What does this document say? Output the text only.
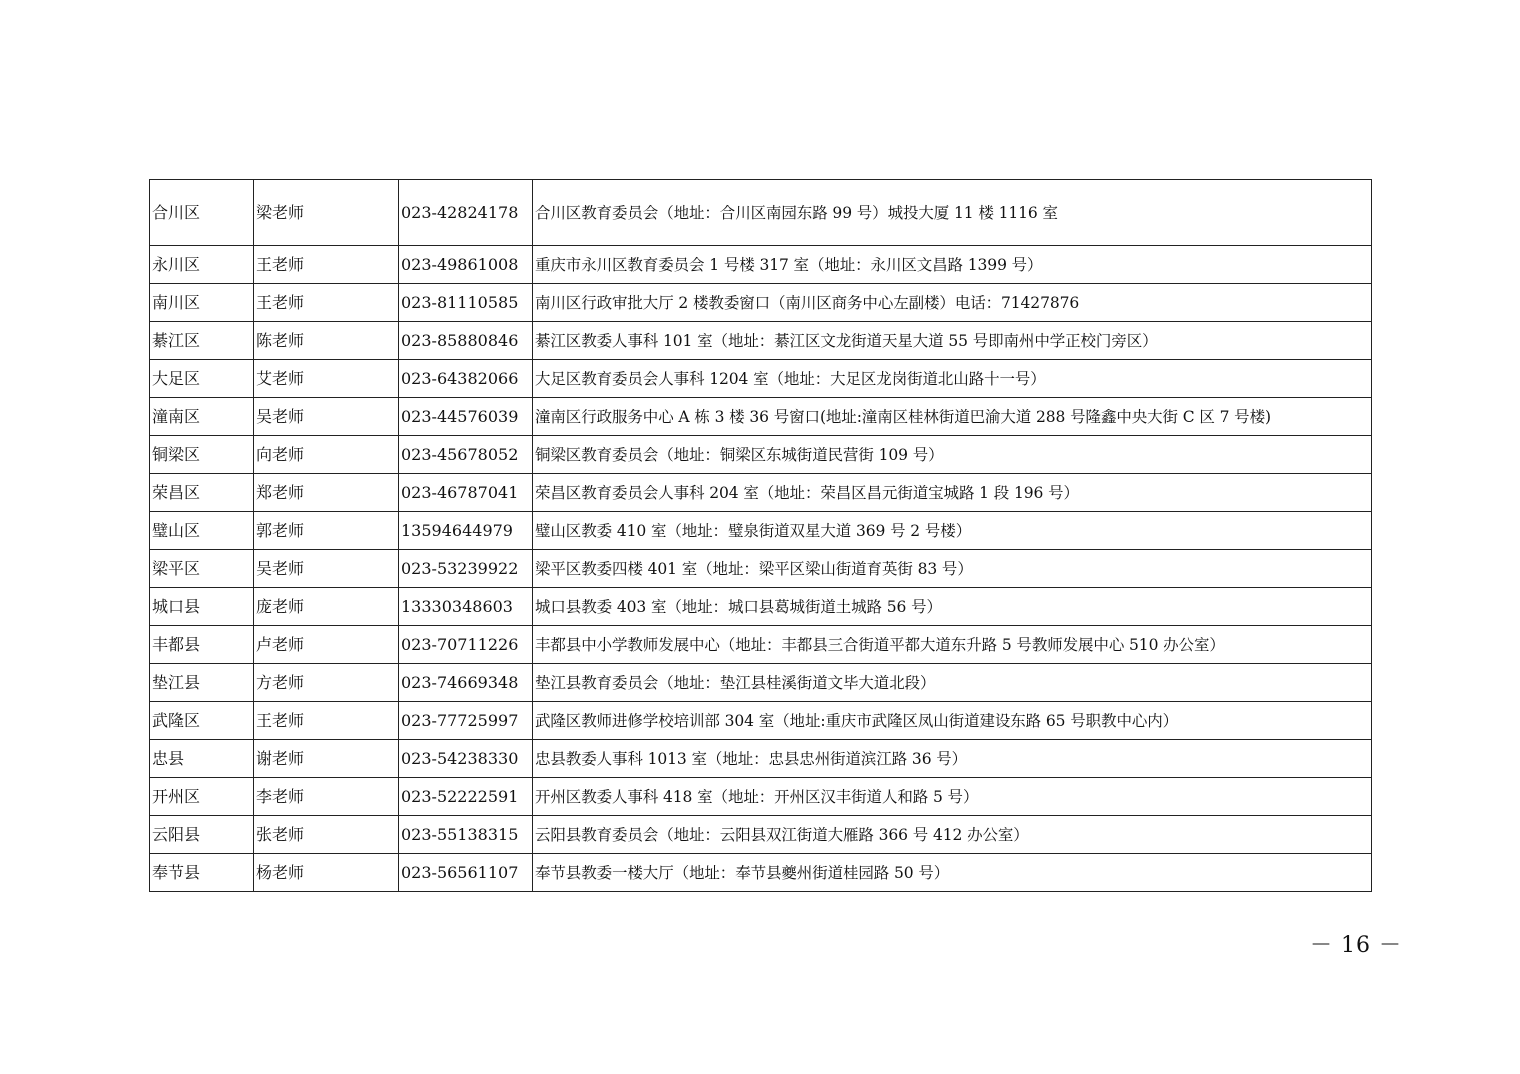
合川区	梁老师	023-42824178	合川区教育委员会（地址：合川区南园东路 99 号）城投大厦 11 楼 1116 室
永川区	王老师	023-49861008	重庆市永川区教育委员会 1 号楼 317 室（地址：永川区文昌路 1399 号）
南川区	王老师	023-81110585	南川区行政审批大厅 2 楼教委窗口（南川区商务中心左副楼）电话：71427876
綦江区	陈老师	023-85880846	綦江区教委人事科 101 室（地址：綦江区文龙街道天星大道 55 号即南州中学正校门旁区）
大足区	艾老师	023-64382066	大足区教育委员会人事科 1204 室（地址：大足区龙岗街道北山路十一号）
潼南区	吴老师	023-44576039	潼南区行政服务中心 A 栋 3 楼 36 号窗口(地址:潼南区桂林街道巴渝大道 288 号隆鑫中央大街 C 区 7 号楼)
铜梁区	向老师	023-45678052	铜梁区教育委员会（地址：铜梁区东城街道民营街 109 号）
荣昌区	郑老师	023-46787041	荣昌区教育委员会人事科 204 室（地址：荣昌区昌元街道宝城路 1 段 196 号）
璧山区	郭老师	13594644979	璧山区教委 410 室（地址：璧泉街道双星大道 369 号 2 号楼）
梁平区	吴老师	023-53239922	梁平区教委四楼 401 室（地址：梁平区梁山街道育英街 83 号）
城口县	庞老师	13330348603	城口县教委 403 室（地址：城口县葛城街道土城路 56 号）
丰都县	卢老师	023-70711226	丰都县中小学教师发展中心（地址：丰都县三合街道平都大道东升路 5 号教师发展中心 510 办公室）
垫江县	方老师	023-74669348	垫江县教育委员会（地址：垫江县桂溪街道文毕大道北段）
武隆区	王老师	023-77725997	武隆区教师进修学校培训部 304 室（地址:重庆市武隆区凤山街道建设东路 65 号职教中心内）
忠县	谢老师	023-54238330	忠县教委人事科 1013 室（地址：忠县忠州街道滨江路 36 号）
开州区	李老师	023-52222591	开州区教委人事科 418 室（地址：开州区汉丰街道人和路 5 号）
云阳县	张老师	023-55138315	云阳县教育委员会（地址：云阳县双江街道大雁路 366 号 412 办公室）
奉节县	杨老师	023-56561107	奉节县教委一楼大厅（地址：奉节县夔州街道桂园路 50 号）
－ 16 －
